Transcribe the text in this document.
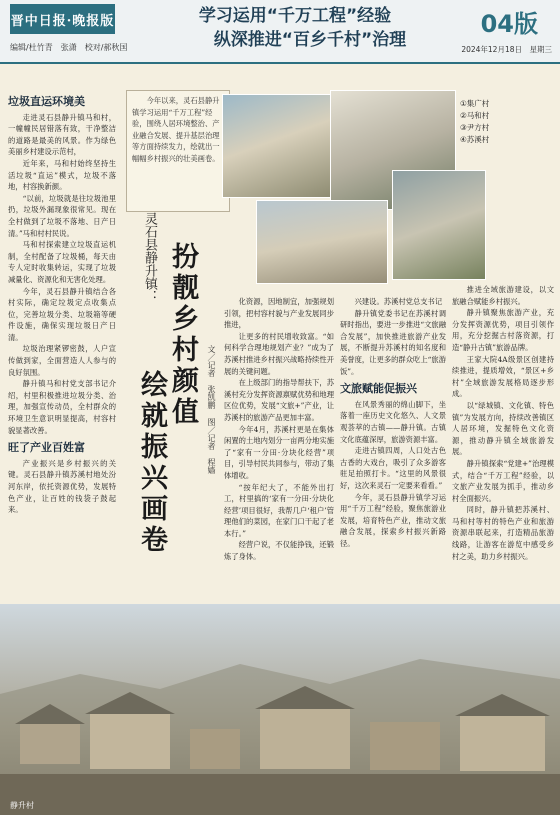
晋中日报·晚报版
编辑/杜竹青　张潇　校对/郝秋国
学习运用“千万工程”经验
纵深推进“百乡千村”治理
04版
2024年12月18日　星期三
垃圾直运环境美

走进灵石县静升镇马和村，一幢幢民居错落有致，干净整洁的道路是最美的风景。作为绿色美丽乡村建设示范村，

近年来，马和村始终坚持生活垃圾“直运”模式，垃圾不落地，村容换新颜。

“以前，垃圾就是往垃圾池里扔，垃圾外漏现象很常见。现在全村做到了垃圾不落地、日产日清。”马和村村民说。

马和村探索建立垃圾直运机制，全村配备了垃圾桶，每天由专人定时收集转运，实现了垃圾减量化、资源化和无害化处理。

今年，灵石县静升镇结合各村实际，确定垃圾定点收集点位，完善垃圾分类、垃圾箱等硬件设施，确保实现垃圾日产日清。

垃圾治理紧锣密鼓，人户宣传做到家，全面营造人人参与的良好氛围。

静升镇马和村党支部书记介绍，村里积极推进垃圾分类、治理，加强宣传动员，全村群众的环境卫生意识明显提高，村容村貌显著改善。

旺了产业百姓富

产业振兴是乡村振兴的关键。灵石县静升镇苏溪村地处汾河东岸，依托资源优势，发展特色产业，让百姓的钱袋子鼓起来。

今年以来，灵石县静升镇学习运用“千万工程”经验，围绕人居环境整治、产业融合发展、提升基层治理等方面持续发力，绘就出一幅幅乡村振兴的壮美画卷。
灵石县静升镇： 扮靓乡村颜值
绘就振兴画卷	文／记者　张凯鹏
图／记者　程嫱
①集广村
②马和村
③尹方村
④苏溪村

化资源，因地制宜，加强规划引领，把村容村貌与产业发展同步推进，

让更多的村民增收致富。“如何科学合理地规划产业？”成为了苏溪村推进乡村振兴战略持续性开展的关键问题。

在上级部门的指导帮扶下，苏溪村充分发挥资源禀赋优势和地理区位优势，发展“文旅+”产业，让苏溪村的旅游产品更加丰富。

今年4月，苏溪村更是在集体闲置的土地内划分一亩两分地实施了“家有一分田·分块化经营”项目，引导村民共同参与，带动了集体增收。

“按年纪大了，不能外出打工，村里搞的‘家有一分田·分块化经营’项目很好，我帮几户‘租户’管理他们的菜园，在家门口干起了老本行。”

经营户说，不仅能挣钱，还锻炼了身体。

兴建设。苏溪村党总支书记

静升镇党委书记在苏溪村调研时指出，要进一步推进“文旅融合发展”，加快推进旅游产业发展，不断提升苏溪村的知名度和美誉度，让更多的群众吃上“旅游饭”。

文旅赋能促振兴

在风景秀丽的绵山脚下，坐落着一座历史文化悠久、人文景观荟萃的古镇——静升镇。古镇文化底蕴深厚，旅游资源丰富。

走进古镇四周，人口处古色古香的大戏台，吸引了众多游客驻足拍照打卡。“这里的风景很好，这次来灵石一定要来看看。”

今年，灵石县静升镇学习运用“千万工程”经验，聚焦旅游业发展，培育特色产业，推动文旅融合发展，探索乡村振兴新路径。

推进全域旅游建设，以文旅融合赋能乡村振兴。

静升镇聚焦旅游产业，充分发挥资源优势，项目引领作用，充分挖掘古村落资源，打造“静升古镇”旅游品牌。

王家大院4A级景区创建持续推进，提质增效，“景区+乡村”全域旅游发展格局逐步形成。

以“绿城镇、文化镇、特色镇”为发展方向，持续改善镇区人居环境，发掘特色文化资源，推动静升镇全域旅游发展。

静升镇探索“党建+”治理模式，结合“千万工程”经验，以文旅产业发展为抓手，推动乡村全面振兴。

同时，静升镇把苏溪村、马和村等村的特色产业和旅游资源串联起来，打造精品旅游线路，让游客在游览中感受乡村之美，助力乡村振兴。

静升村
